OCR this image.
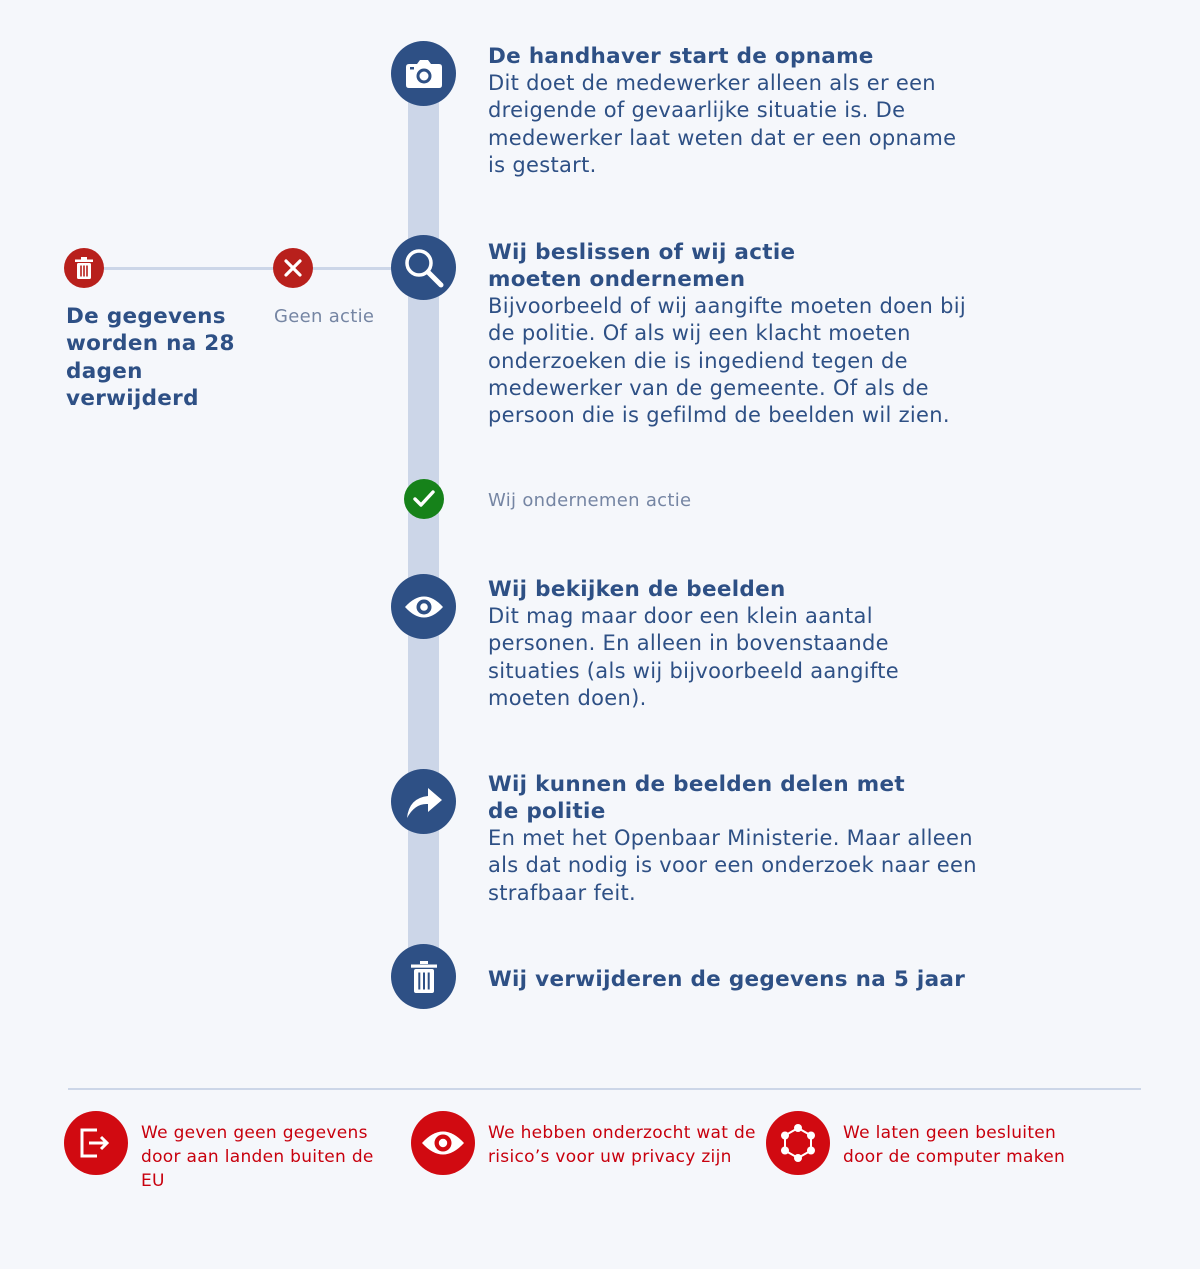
De handhaver start de opname
Dit doet de medewerker alleen als er een dreigende of gevaarlijke situatie is. De medewerker laat weten dat er een opname is gestart.
Wij beslissen of wij actie moeten ondernemen
Bijvoorbeeld of wij aangifte moeten doen bij de politie. Of als wij een klacht moeten onderzoeken die is ingediend tegen de medewerker van de gemeente. Of als de persoon die is gefilmd de beelden wil zien.
Geen actie
De gegevens worden na 28 dagen verwijderd
Wij ondernemen actie
Wij bekijken de beelden
Dit mag maar door een klein aantal personen. En alleen in bovenstaande situaties (als wij bijvoorbeeld aangifte moeten doen).
Wij kunnen de beelden delen met de politie
En met het Openbaar Ministerie. Maar alleen als dat nodig is voor een onderzoek naar een strafbaar feit.
Wij verwijderen de gegevens na 5 jaar
We geven geen gegevens door aan landen buiten de EU
We hebben onderzocht wat de risico’s voor uw privacy zijn
We laten geen besluiten door de computer maken
